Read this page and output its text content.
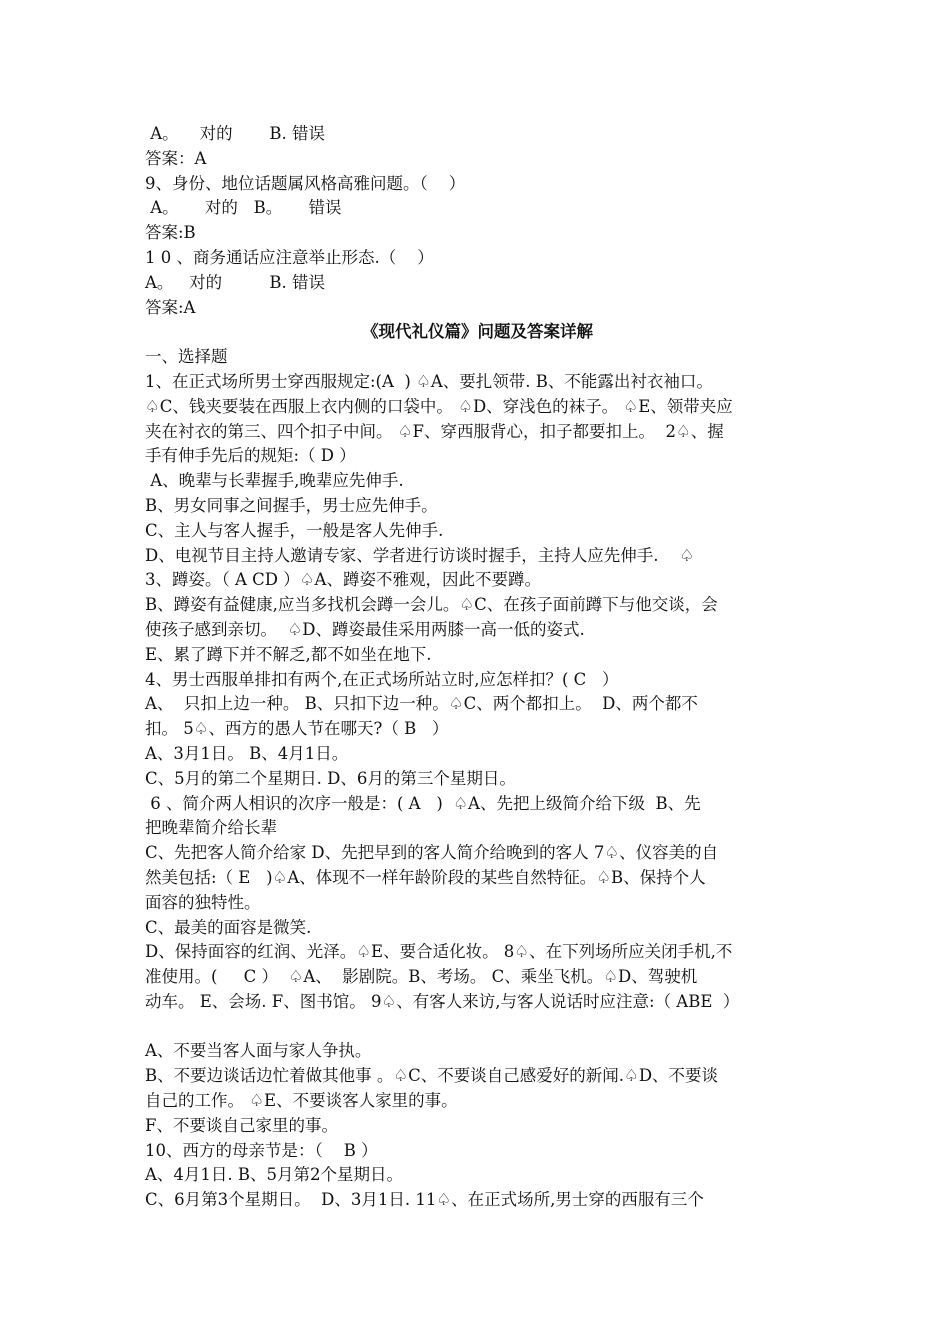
A。    对的       B. 错误

答案：A

9、身份、地位话题属风格高雅问题。（    ）

A。     对的   B。     错误

答案:B

1 0 、商务通话应注意举止形态.（    ）

A。   对的         B. 错误

答案:A

《现代礼仪篇》问题及答案详解

一、选择题

1、在正式场所男士穿西服规定:(A  ) ♤A、要扎领带. B、不能露出衬衣袖口。

♤C、钱夹要装在西服上衣内侧的口袋中。 ♤D、穿浅色的袜子。 ♤E、领带夹应

夹在衬衣的第三、四个扣子中间。 ♤F、穿西服背心，扣子都要扣上。  2♤、握

手有伸手先后的规矩:（ D ）

A、晚辈与长辈握手,晚辈应先伸手.

B、男女同事之间握手，男士应先伸手。

C、主人与客人握手，一般是客人先伸手.

D、电视节目主持人邀请专家、学者进行访谈时握手，主持人应先伸手.    ♤

3、蹲姿。（ A CD ）♤A、蹲姿不雅观，因此不要蹲。

B、蹲姿有益健康,应当多找机会蹲一会儿。♤C、在孩子面前蹲下与他交谈，会

使孩子感到亲切。  ♤D、蹲姿最佳采用两膝一高一低的姿式.

E、累了蹲下并不解乏,都不如坐在地下.

4、男士西服单排扣有两个,在正式场所站立时,应怎样扣？( C   ）

A、  只扣上边一种。 B、只扣下边一种。♤C、两个都扣上。  D、两个都不

扣。 5♤、西方的愚人节在哪天?（ B   ）

A、3月1日。 B、4月1日。

C、5月的第二个星期日. D、6月的第三个星期日。

6 、简介两人相识的次序一般是：( A   )  ♤A、先把上级简介给下级  B、先

把晚辈简介给长辈

C、先把客人简介给家 D、先把早到的客人简介给晚到的客人 7♤、仪容美的自

然美包括:（ E   )♤A、体现不一样年龄阶段的某些自然特征。♤B、保持个人

面容的独特性。

C、最美的面容是微笑.

D、保持面容的红润、光泽。♤E、要合适化妆。 8♤、在下列场所应关闭手机,不

准使用。(     C ）  ♤A、  影剧院。B、考场。 C、乘坐飞机。♤D、驾驶机

动车。 E、会场. F、图书馆。 9♤、有客人来访,与客人说话时应注意:（ ABE  ）

A、不要当客人面与家人争执。

B、不要边谈话边忙着做其他事 。♤C、不要谈自己感爱好的新闻.♤D、不要谈

自己的工作。 ♤E、不要谈客人家里的事。

F、不要谈自己家里的事。

10、西方的母亲节是：（    B ）

A、4月1日. B、5月第2个星期日。

C、6月第3个星期日。  D、3月1日. 11♤、在正式场所,男士穿的西服有三个
